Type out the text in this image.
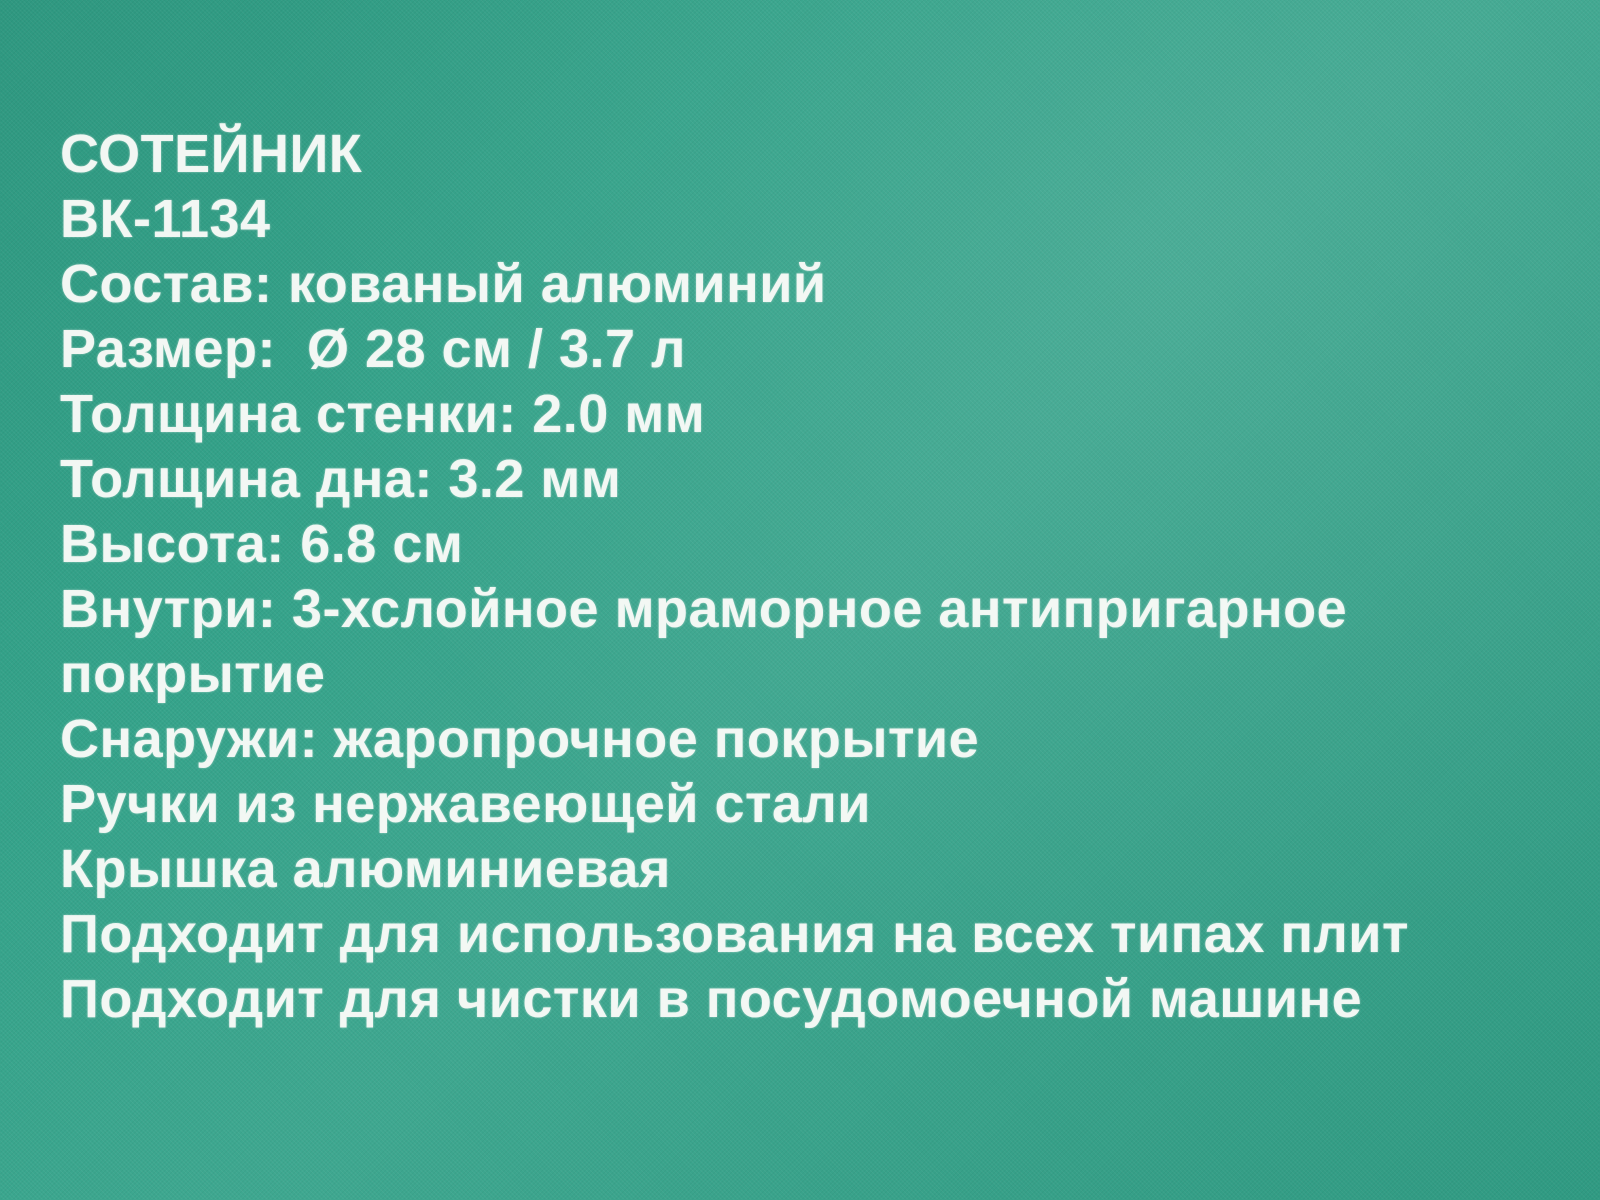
СОТЕЙНИК
ВК-1134
Состав: кованый алюминий
Размер:  Ø 28 см / 3.7 л
Толщина стенки: 2.0 мм
Толщина дна: 3.2 мм
Высота: 6.8 см
Внутри: 3-хслойное мраморное антипригарное покрытие
Снаружи: жаропрочное покрытие
Ручки из нержавеющей стали
Крышка алюминиевая
Подходит для использования на всех типах плит
Подходит для чистки в посудомоечной машине
